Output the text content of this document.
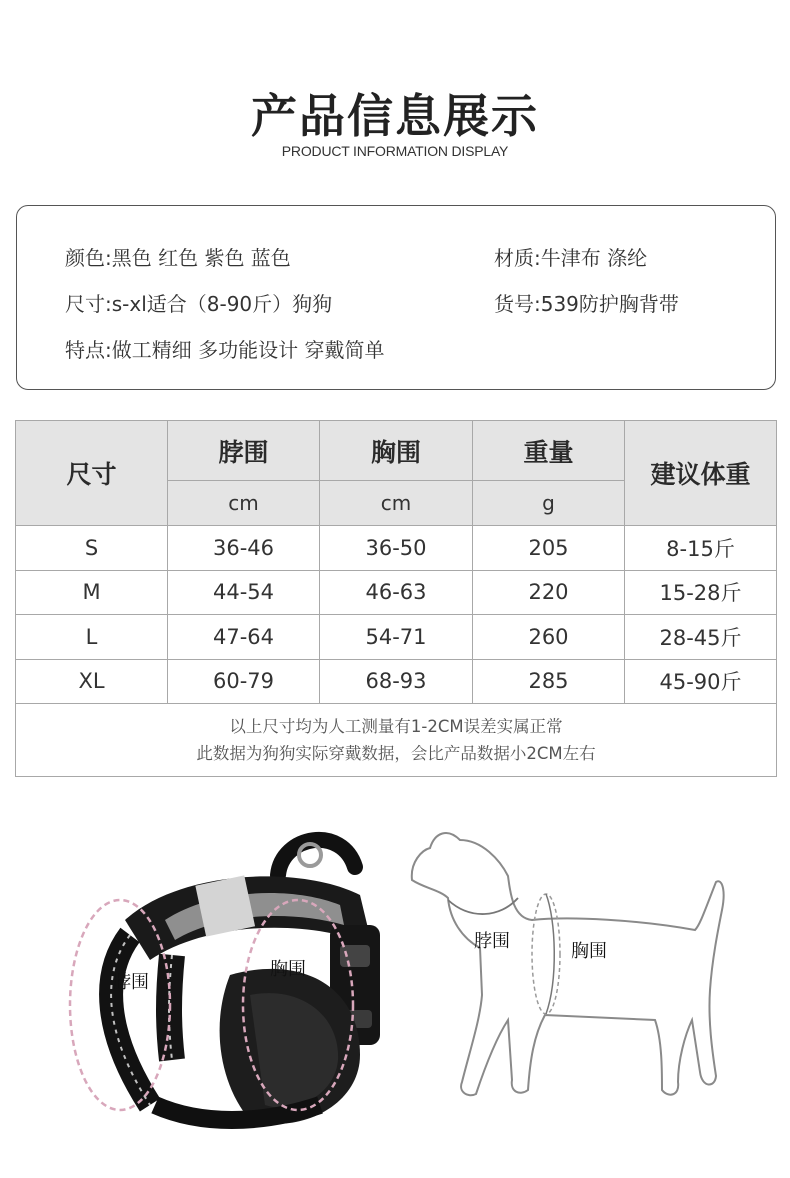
产品信息展示
PRODUCT INFORMATION DISPLAY
颜色:黑色 红色 紫色 蓝色	材质:牛津布 涤纶
尺寸:s-xl适合（8-90斤）狗狗	货号:539防护胸背带
特点:做工精细 多功能设计 穿戴简单
尺寸	脖围	胸围	重量	建议体重
	cm	cm	g	
S	36-46	36-50	205	8-15斤
M	44-54	46-63	220	15-28斤
L	47-64	54-71	260	28-45斤
XL	60-79	68-93	285	45-90斤

以上尺寸均为人工测量有1-2CM误差实属正常
此数据为狗狗实际穿戴数据，会比产品数据小2CM左右				
脖围
胸围
脖围	胸围
